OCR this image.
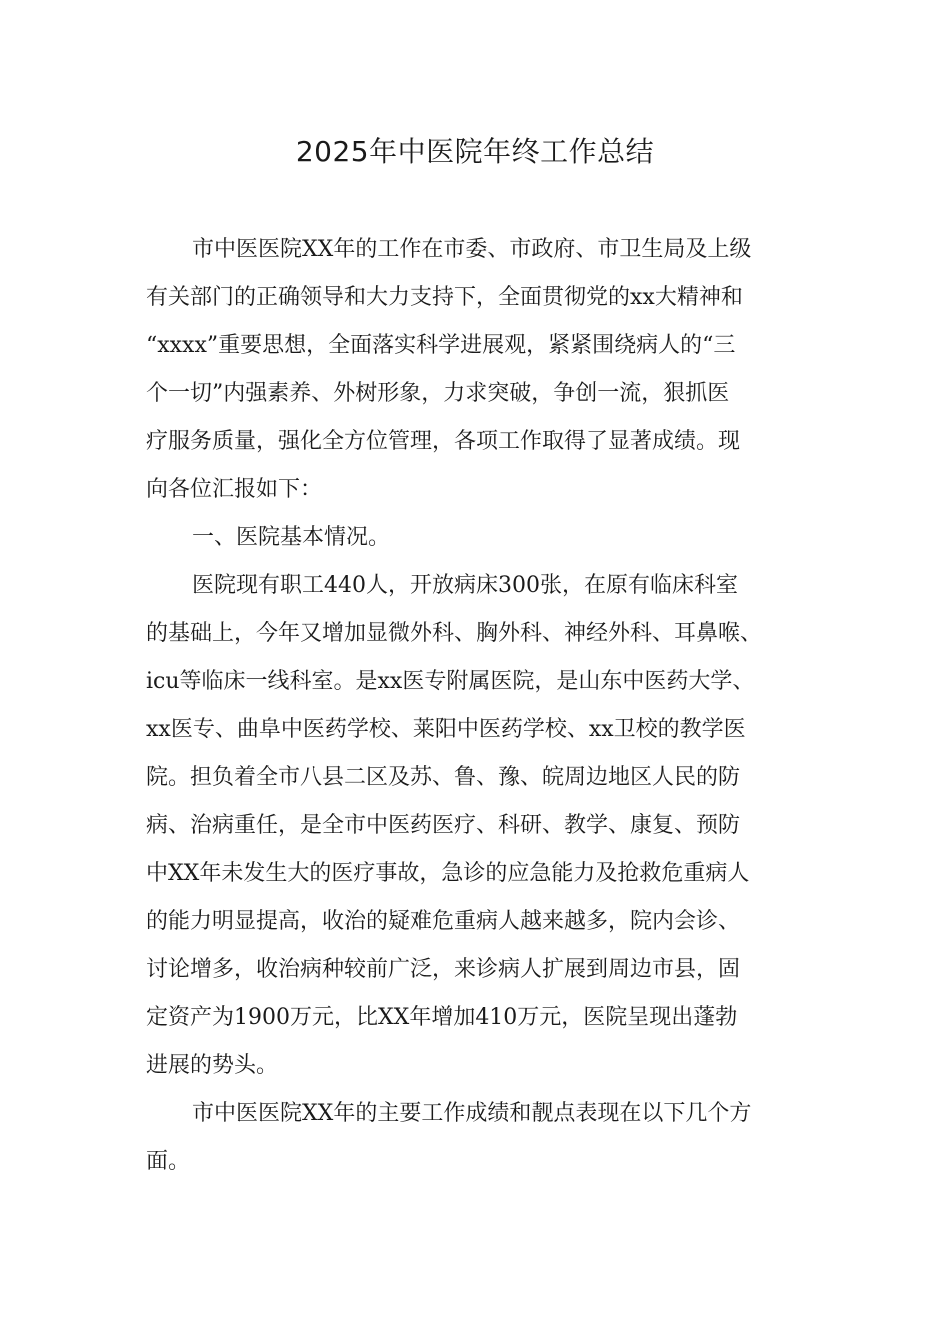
2025年中医院年终工作总结
市中医医院XX年的工作在市委、市政府、市卫生局及上级
有关部门的正确领导和大力支持下，全面贯彻党的xx大精神和
“xxxx”重要思想，全面落实科学进展观，紧紧围绕病人的“三
个一切”内强素养、外树形象，力求突破，争创一流，狠抓医
疗服务质量，强化全方位管理，各项工作取得了显著成绩。现
向各位汇报如下：
一、医院基本情况。
医院现有职工440人，开放病床300张，在原有临床科室
的基础上，今年又增加显微外科、胸外科、神经外科、耳鼻喉、
icu等临床一线科室。是xx医专附属医院，是山东中医药大学、
xx医专、曲阜中医药学校、莱阳中医药学校、xx卫校的教学医
院。担负着全市八县二区及苏、鲁、豫、皖周边地区人民的防
病、治病重任，是全市中医药医疗、科研、教学、康复、预防
中XX年未发生大的医疗事故，急诊的应急能力及抢救危重病人
的能力明显提高，收治的疑难危重病人越来越多，院内会诊、
讨论增多，收治病种较前广泛，来诊病人扩展到周边市县，固
定资产为1900万元，比XX年增加410万元，医院呈现出蓬勃
进展的势头。
市中医医院XX年的主要工作成绩和靓点表现在以下几个方
面。
